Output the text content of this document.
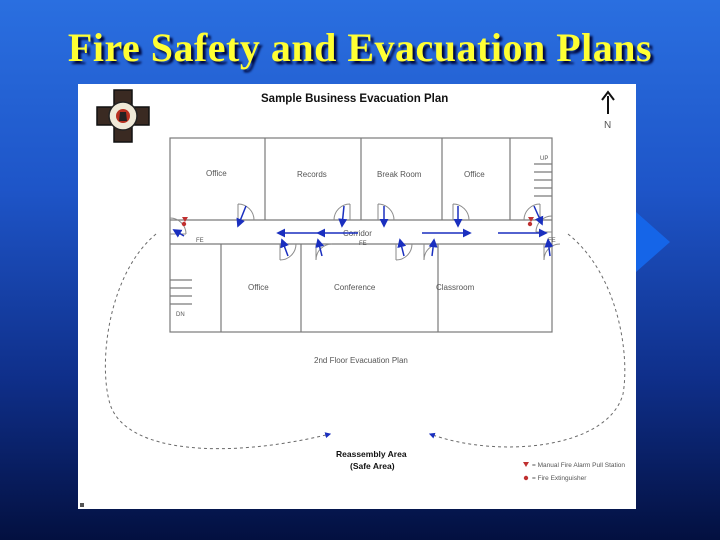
Fire Safety and Evacuation Plans
Sample Business Evacuation Plan
N
Office	Records	Break Room	Office
Office	Conference	Classroom
Corridor
UP
DN
FE
FE	FE
2nd Floor Evacuation Plan
Reassembly Area
(Safe Area)	= Manual Fire Alarm Pull Station
= Fire Extinguisher
